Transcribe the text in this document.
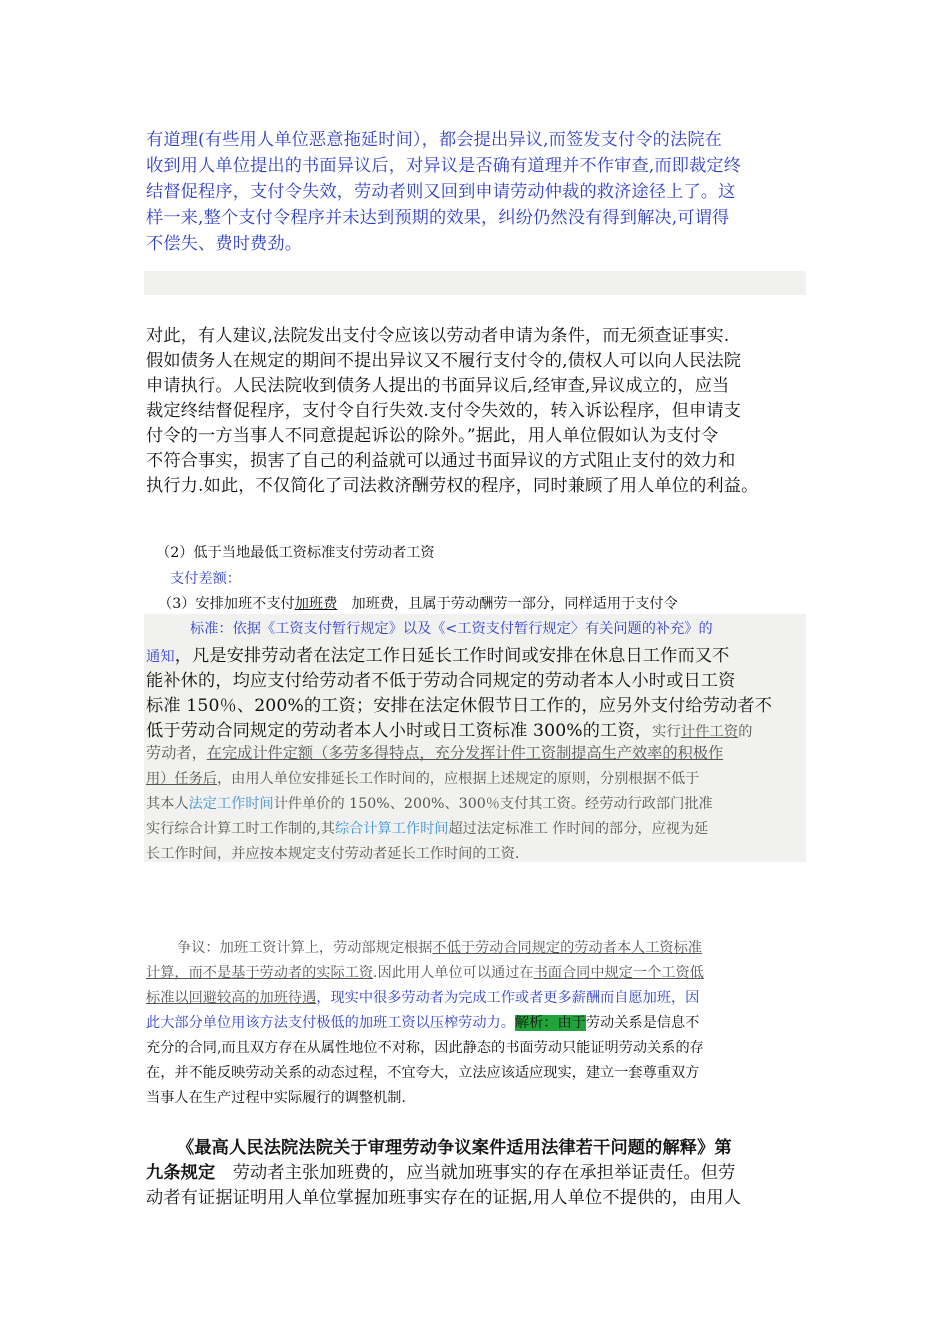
有道理(有些用人单位恶意拖延时间），都会提出异议,而签发支付令的法院在
收到用人单位提出的书面异议后，对异议是否确有道理并不作审查,而即裁定终
结督促程序，支付令失效，劳动者则又回到申请劳动仲裁的救济途径上了。这
样一来,整个支付令程序并未达到预期的效果，纠纷仍然没有得到解决,可谓得
不偿失、费时费劲。
对此，有人建议,法院发出支付令应该以劳动者申请为条件，而无须查证事实.
假如债务人在规定的期间不提出异议又不履行支付令的,债权人可以向人民法院
申请执行。人民法院收到债务人提出的书面异议后,经审查,异议成立的，应当
裁定终结督促程序，支付令自行失效.支付令失效的，转入诉讼程序，但申请支
付令的一方当事人不同意提起诉讼的除外。”据此，用人单位假如认为支付令
不符合事实，损害了自己的利益就可以通过书面异议的方式阻止支付的效力和
执行力.如此，不仅简化了司法救济酬劳权的程序，同时兼顾了用人单位的利益。
（2）低于当地最低工资标准支付劳动者工资
支付差额：
（3）安排加班不支付加班费　加班费，且属于劳动酬劳一部分，同样适用于支付令
标准：依据《工资支付暂行规定》以及《<工资支付暂行规定〉有关问题的补充》的
通知，凡是安排劳动者在法定工作日延长工作时间或安排在休息日工作而又不
能补休的，均应支付给劳动者不低于劳动合同规定的劳动者本人小时或日工资
标准 150％、200%的工资；安排在法定休假节日工作的，应另外支付给劳动者不
低于劳动合同规定的劳动者本人小时或日工资标准 300%的工资，实行计件工资的
劳动者，在完成计件定额（多劳多得特点，充分发挥计件工资制提高生产效率的积极作
用）任务后，由用人单位安排延长工作时间的，应根据上述规定的原则，分别根据不低于
其本人法定工作时间计件单价的 150%、200%、300％支付其工资。经劳动行政部门批准
实行综合计算工时工作制的,其综合计算工作时间超过法定标准工 作时间的部分，应视为延
长工作时间，并应按本规定支付劳动者延长工作时间的工资.
争议：加班工资计算上，劳动部规定根据不低于劳动合同规定的劳动者本人工资标准
计算，而不是基于劳动者的实际工资.因此用人单位可以通过在书面合同中规定一个工资低
标准以回避较高的加班待遇，现实中很多劳动者为完成工作或者更多薪酬而自愿加班，因
此大部分单位用该方法支付极低的加班工资以压榨劳动力。解析：由于劳动关系是信息不
充分的合同,而且双方存在从属性地位不对称，因此静态的书面劳动只能证明劳动关系的存
在，并不能反映劳动关系的动态过程，不宜夸大，立法应该适应现实，建立一套尊重双方
当事人在生产过程中实际履行的调整机制.
《最高人民法院法院关于审理劳动争议案件适用法律若干问题的解释》第
九条规定　劳动者主张加班费的，应当就加班事实的存在承担举证责任。但劳
动者有证据证明用人单位掌握加班事实存在的证据,用人单位不提供的，由用人
